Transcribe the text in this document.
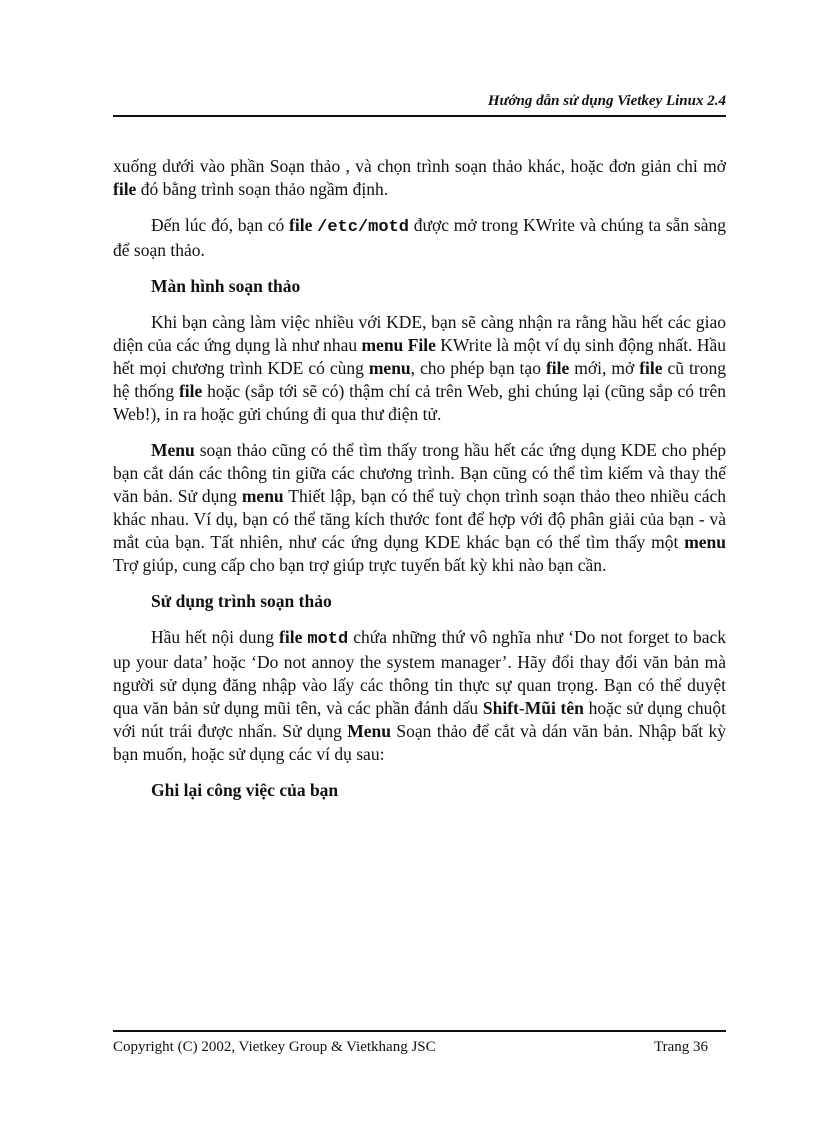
Hướng dẫn sử dụng Vietkey Linux 2.4

xuống dưới vào phần Soạn thảo , và chọn trình soạn thảo khác, hoặc đơn giản chỉ mở file đó bằng trình soạn thảo ngầm định.

Đến lúc đó, bạn có file /etc/motd được mở trong KWrite và chúng ta sẵn sàng để soạn thảo.

Màn hình soạn thảo

Khi bạn càng làm việc nhiều với KDE, bạn sẽ càng nhận ra rằng hầu hết các giao diện của các ứng dụng là như nhau menu File KWrite là một ví dụ sinh động nhất. Hầu hết mọi chương trình KDE có cùng menu, cho phép bạn tạo file mới, mở file cũ trong hệ thống file hoặc (sắp tới sẽ có) thậm chí cả trên Web, ghi chúng lại (cũng sắp có trên Web!), in ra hoặc gửi chúng đi qua thư điện tử.

Menu soạn thảo cũng có thể tìm thấy trong hầu hết các ứng dụng KDE cho phép bạn cắt dán các thông tin giữa các chương trình. Bạn cũng có thể tìm kiếm và thay thế văn bản. Sử dụng menu Thiết lập, bạn có thể tuỳ chọn trình soạn thảo theo nhiều cách khác nhau. Ví dụ, bạn có thể tăng kích thước font để hợp với độ phân giải của bạn - và mắt của bạn. Tất nhiên, như các ứng dụng KDE khác bạn có thể tìm thấy một menu Trợ giúp, cung cấp cho bạn trợ giúp trực tuyến bất kỳ khi nào bạn cần.

Sử dụng trình soạn thảo

Hầu hết nội dung file motd chứa những thứ vô nghĩa như ‘Do not forget to back up your data’ hoặc ‘Do not annoy the system manager’. Hãy đổi thay đổi văn bản mà người sử dụng đăng nhập vào lấy các thông tin thực sự quan trọng. Bạn có thể duyệt qua văn bản sử dụng mũi tên, và các phần đánh dấu Shift-Mũi tên hoặc sử dụng chuột với nút trái được nhấn. Sử dụng Menu Soạn thảo để cắt và dán văn bản. Nhập bất kỳ bạn muốn, hoặc sử dụng các ví dụ sau:

Ghi lại công việc của bạn

Copyright (C) 2002, Vietkey Group & Vietkhang JSC	Trang 36
